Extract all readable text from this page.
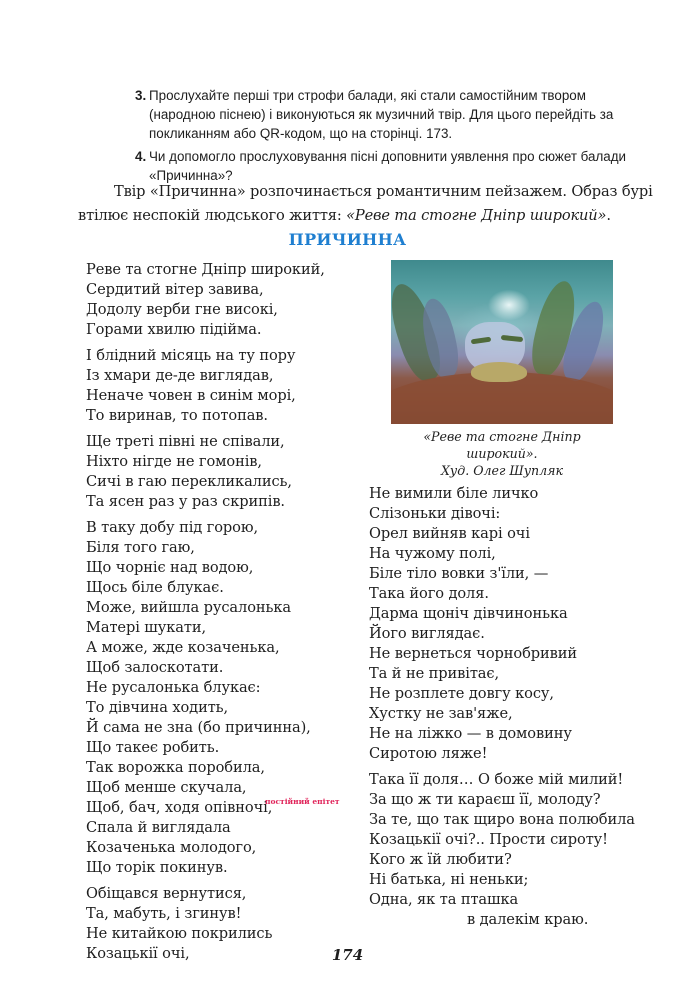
3. Прослухайте перші три строфи балади, які стали самостійним твором (народною піснею) і виконуються як музичний твір. Для цього перейдіть за покликанням або QR-кодом, що на сторінці. 173.
4. Чи допомогло прослуховування пісні доповнити уявлення про сюжет балади «Причинна»?
Твір «Причинна» розпочинається романтичним пейзажем. Образ бурі втілює неспокій людського життя: «Реве та стогне Дніпр широкий».
ПРИЧИННА
Реве та стогне Дніпр широкий,
Сердитий вітер завива,
Додолу верби гне високі,
Горами хвилю підійма.
І блідний місяць на ту пору
Із хмари де-де виглядав,
Неначе човен в синім морі,
То виринав, то потопав.
Ще треті півні не співали,
Ніхто нігде не гомонів,
Сичі в гаю перекликались,
Та ясен раз у раз скрипів.
В таку добу під горою,
Біля того гаю,
Що чорніє над водою,
Щось біле блукає.
Може, вийшла русалонька
Матері шукати,
А може, жде козаченька,
Щоб залоскотати.
Не русалонька блукає:
То дівчина ходить,
Й сама не зна (бо причинна),
Що такеє робить.
Так ворожка поробила,
Щоб менше скучала,
Щоб, бач, ходя опівночі,
Спала й виглядала
Козаченька молодого,
Що торік покинув.
Обіщався вернутися,
Та, мабуть, і згинув!
Не китайкою покрились
Козацькії очі,
постійний епітет
«Реве та стогне Дніпр
широкий».
Худ. Олег Шупляк
Не вимили біле личко
Слізоньки дівочі:
Орел вийняв карі очі
На чужому полі,
Біле тіло вовки з'їли, —
Така його доля.
Дарма щоніч дівчинонька
Його виглядає.
Не вернеться чорнобривий
Та й не привітає,
Не розплете довгу косу,
Хустку не зав'яже,
Не на ліжко — в домовину
Сиротою ляже!
Така її доля… О боже мій милий!
За що ж ти караєш її, молоду?
За те, що так щиро вона полюбила
Козацькії очі?.. Прости сироту!
Кого ж їй любити?
Ні батька, ні неньки;
Одна, як та пташка
в далекім краю.
174
